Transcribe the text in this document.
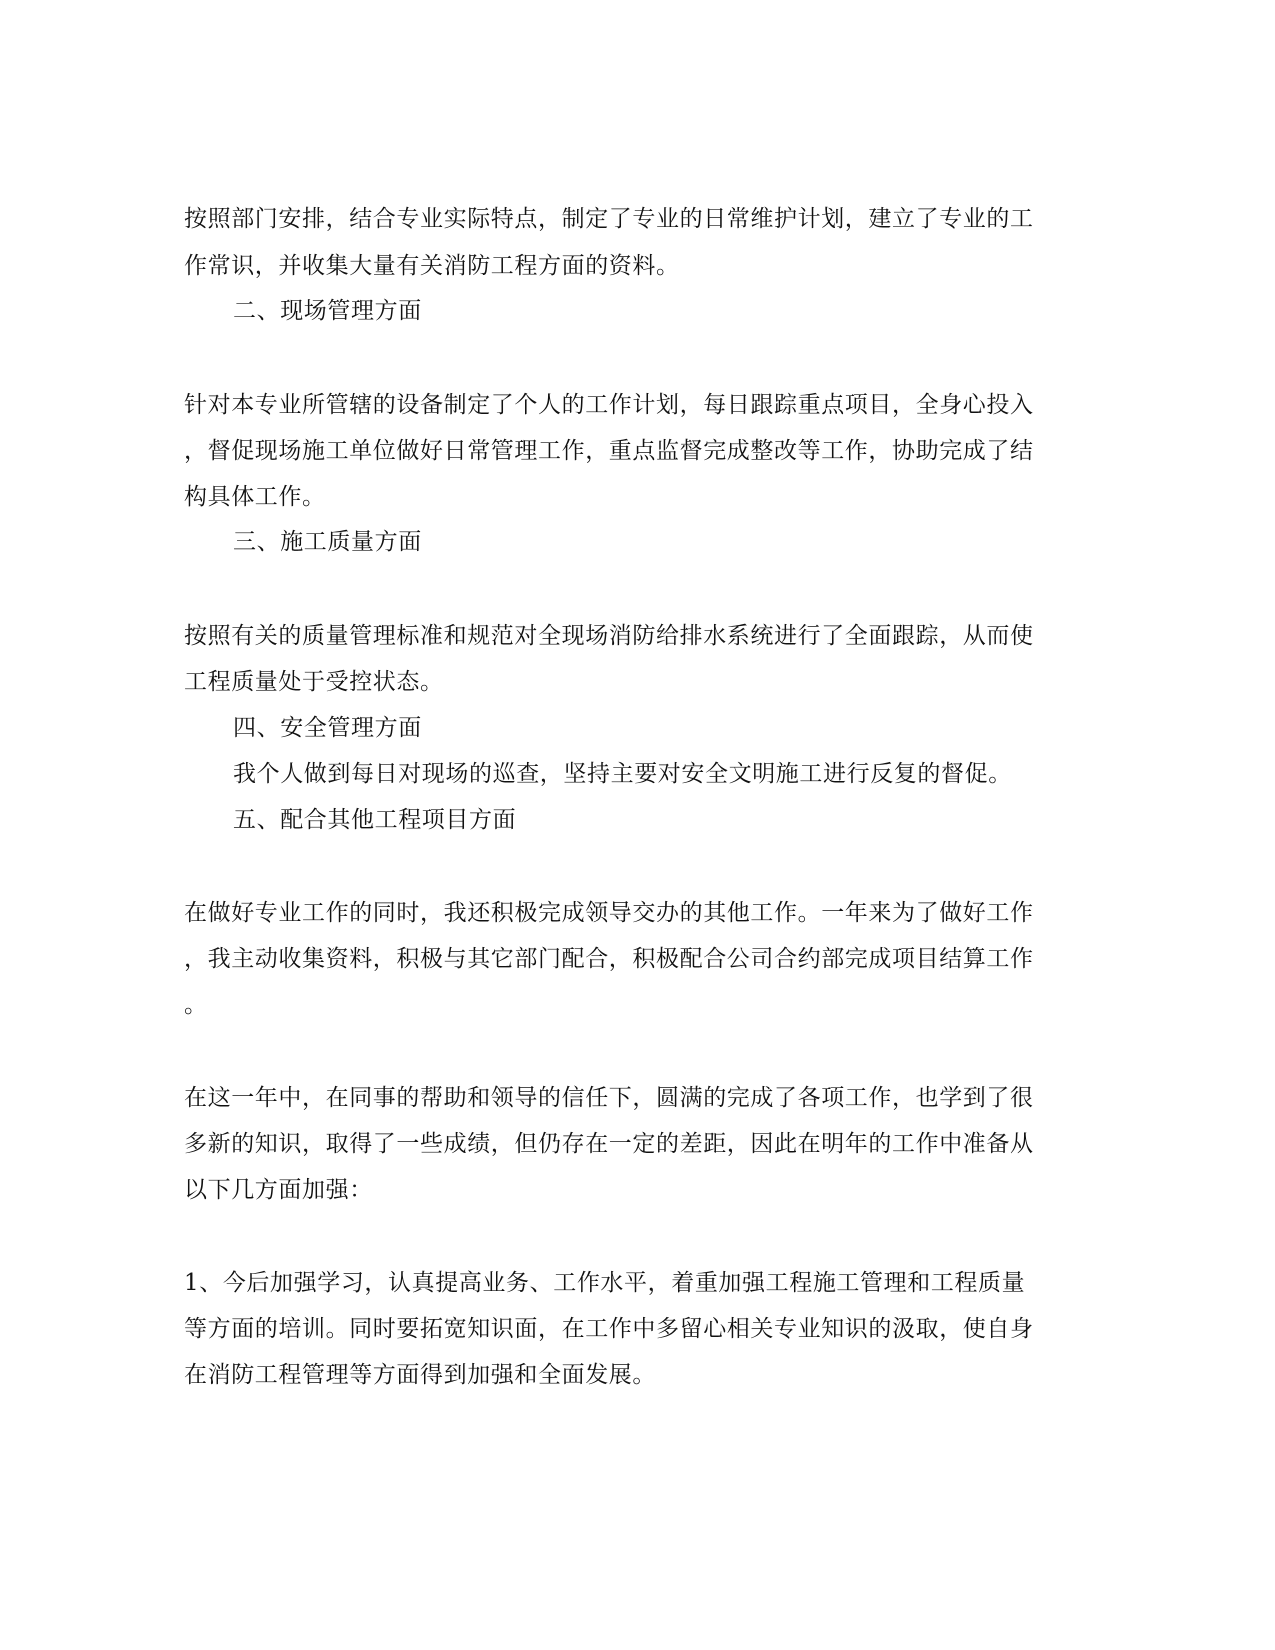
按照部门安排，结合专业实际特点，制定了专业的日常维护计划，建立了专业的工
作常识，并收集大量有关消防工程方面的资料。
二、现场管理方面
针对本专业所管辖的设备制定了个人的工作计划，每日跟踪重点项目，全身心投入
，督促现场施工单位做好日常管理工作，重点监督完成整改等工作，协助完成了结
构具体工作。
三、施工质量方面
按照有关的质量管理标准和规范对全现场消防给排水系统进行了全面跟踪，从而使
工程质量处于受控状态。
四、安全管理方面
我个人做到每日对现场的巡查，坚持主要对安全文明施工进行反复的督促。
五、配合其他工程项目方面
在做好专业工作的同时，我还积极完成领导交办的其他工作。一年来为了做好工作
，我主动收集资料，积极与其它部门配合，积极配合公司合约部完成项目结算工作
。
在这一年中，在同事的帮助和领导的信任下，圆满的完成了各项工作，也学到了很
多新的知识，取得了一些成绩，但仍存在一定的差距，因此在明年的工作中准备从
以下几方面加强：
1、今后加强学习，认真提高业务、工作水平，着重加强工程施工管理和工程质量
等方面的培训。同时要拓宽知识面，在工作中多留心相关专业知识的汲取，使自身
在消防工程管理等方面得到加强和全面发展。
